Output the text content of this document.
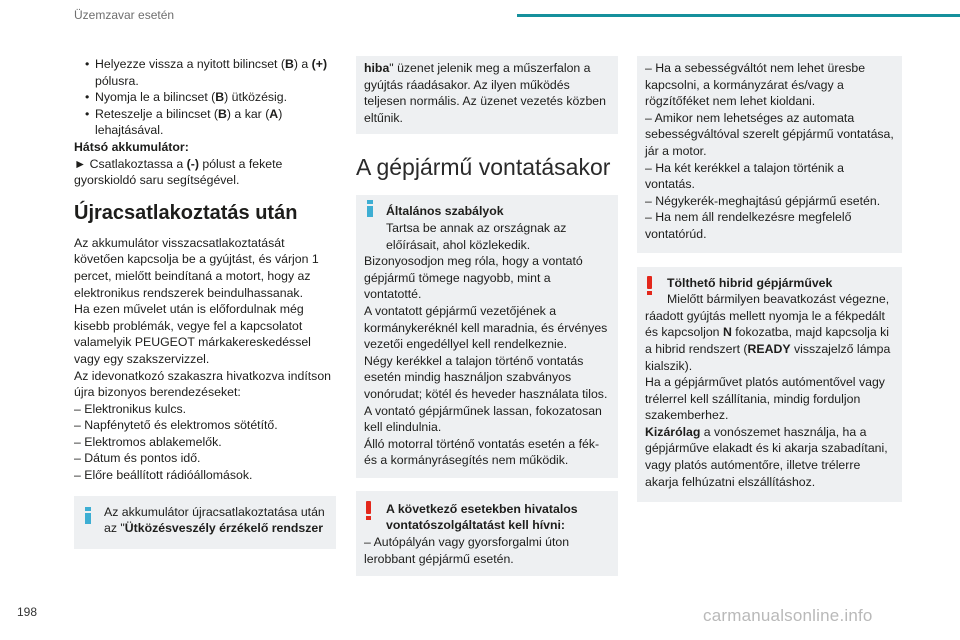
Üzemzavar esetén
• Helyezze vissza a nyitott bilincset (B) a (+) pólusra.
• Nyomja le a bilincset (B) ütközésig.
• Reteszelje a bilincset (B) a kar (A) lehajtásával.
Hátsó akkumulátor:
► Csatlakoztassa a (-) pólust a fekete gyorskioldó saru segítségével.
Újracsatlakoztatás után
Az akkumulátor visszacsatlakoztatását követően kapcsolja be a gyújtást, és várjon 1 percet, mielőtt beindítaná a motort, hogy az elektronikus rendszerek beindulhassanak.
Ha ezen művelet után is előfordulnak még kisebb problémák, vegye fel a kapcsolatot valamelyik PEUGEOT márkakereskedéssel vagy egy szakszervizzel.
Az idevonatkozó szakaszra hivatkozva indítson újra bizonyos berendezéseket:
– Elektronikus kulcs.
– Napfénytető és elektromos sötétítő.
– Elektromos ablakemelők.
– Dátum és pontos idő.
– Előre beállított rádióállomások.
Az akkumulátor újracsatlakoztatása után az "Ütközésveszély érzékelő rendszer
hiba" üzenet jelenik meg a műszerfalon a gyújtás ráadásakor. Az ilyen működés teljesen normális. Az üzenet vezetés közben eltűnik.
A gépjármű vontatásakor
Általános szabályok
Tartsa be annak az országnak az előírásait, ahol közlekedik.
Bizonyosodjon meg róla, hogy a vontató gépjármű tömege nagyobb, mint a vontatotté.
A vontatott gépjármű vezetőjének a kormánykeréknél kell maradnia, és érvényes vezetői engedéllyel kell rendelkeznie.
Négy kerékkel a talajon történő vontatás esetén mindig használjon szabványos vonórudat; kötél és heveder használata tilos.
A vontató gépjárműnek lassan, fokozatosan kell elindulnia.
Álló motorral történő vontatás esetén a fék- és a kormányrásegítés nem működik.
A következő esetekben hivatalos vontatószolgáltatást kell hívni:
– Autópályán vagy gyorsforgalmi úton lerobbant gépjármű esetén.
– Ha a sebességváltót nem lehet üresbe kapcsolni, a kormányzárat és/vagy a rögzítőféket nem lehet kioldani.
– Amikor nem lehetséges az automata sebességváltóval szerelt gépjármű vontatása, jár a motor.
– Ha két kerékkel a talajon történik a vontatás.
– Négykerék-meghajtású gépjármű esetén.
– Ha nem áll rendelkezésre megfelelő vontatórúd.
Tölthető hibrid gépjárművek
Mielőtt bármilyen beavatkozást végezne, ráadott gyújtás mellett nyomja le a fékpedált és kapcsoljon N fokozatba, majd kapcsolja ki a hibrid rendszert (READY visszajelző lámpa kialszik).
Ha a gépjárművet platós autómentővel vagy trélerrel kell szállítania, mindig forduljon szakemberhez.
Kizárólag a vonószemet használja, ha a gépjárműve elakadt és ki akarja szabadítani, vagy platós autómentőre, illetve trélerre akarja felhúzatni elszállításhoz.
198	carmanualsonline.info
